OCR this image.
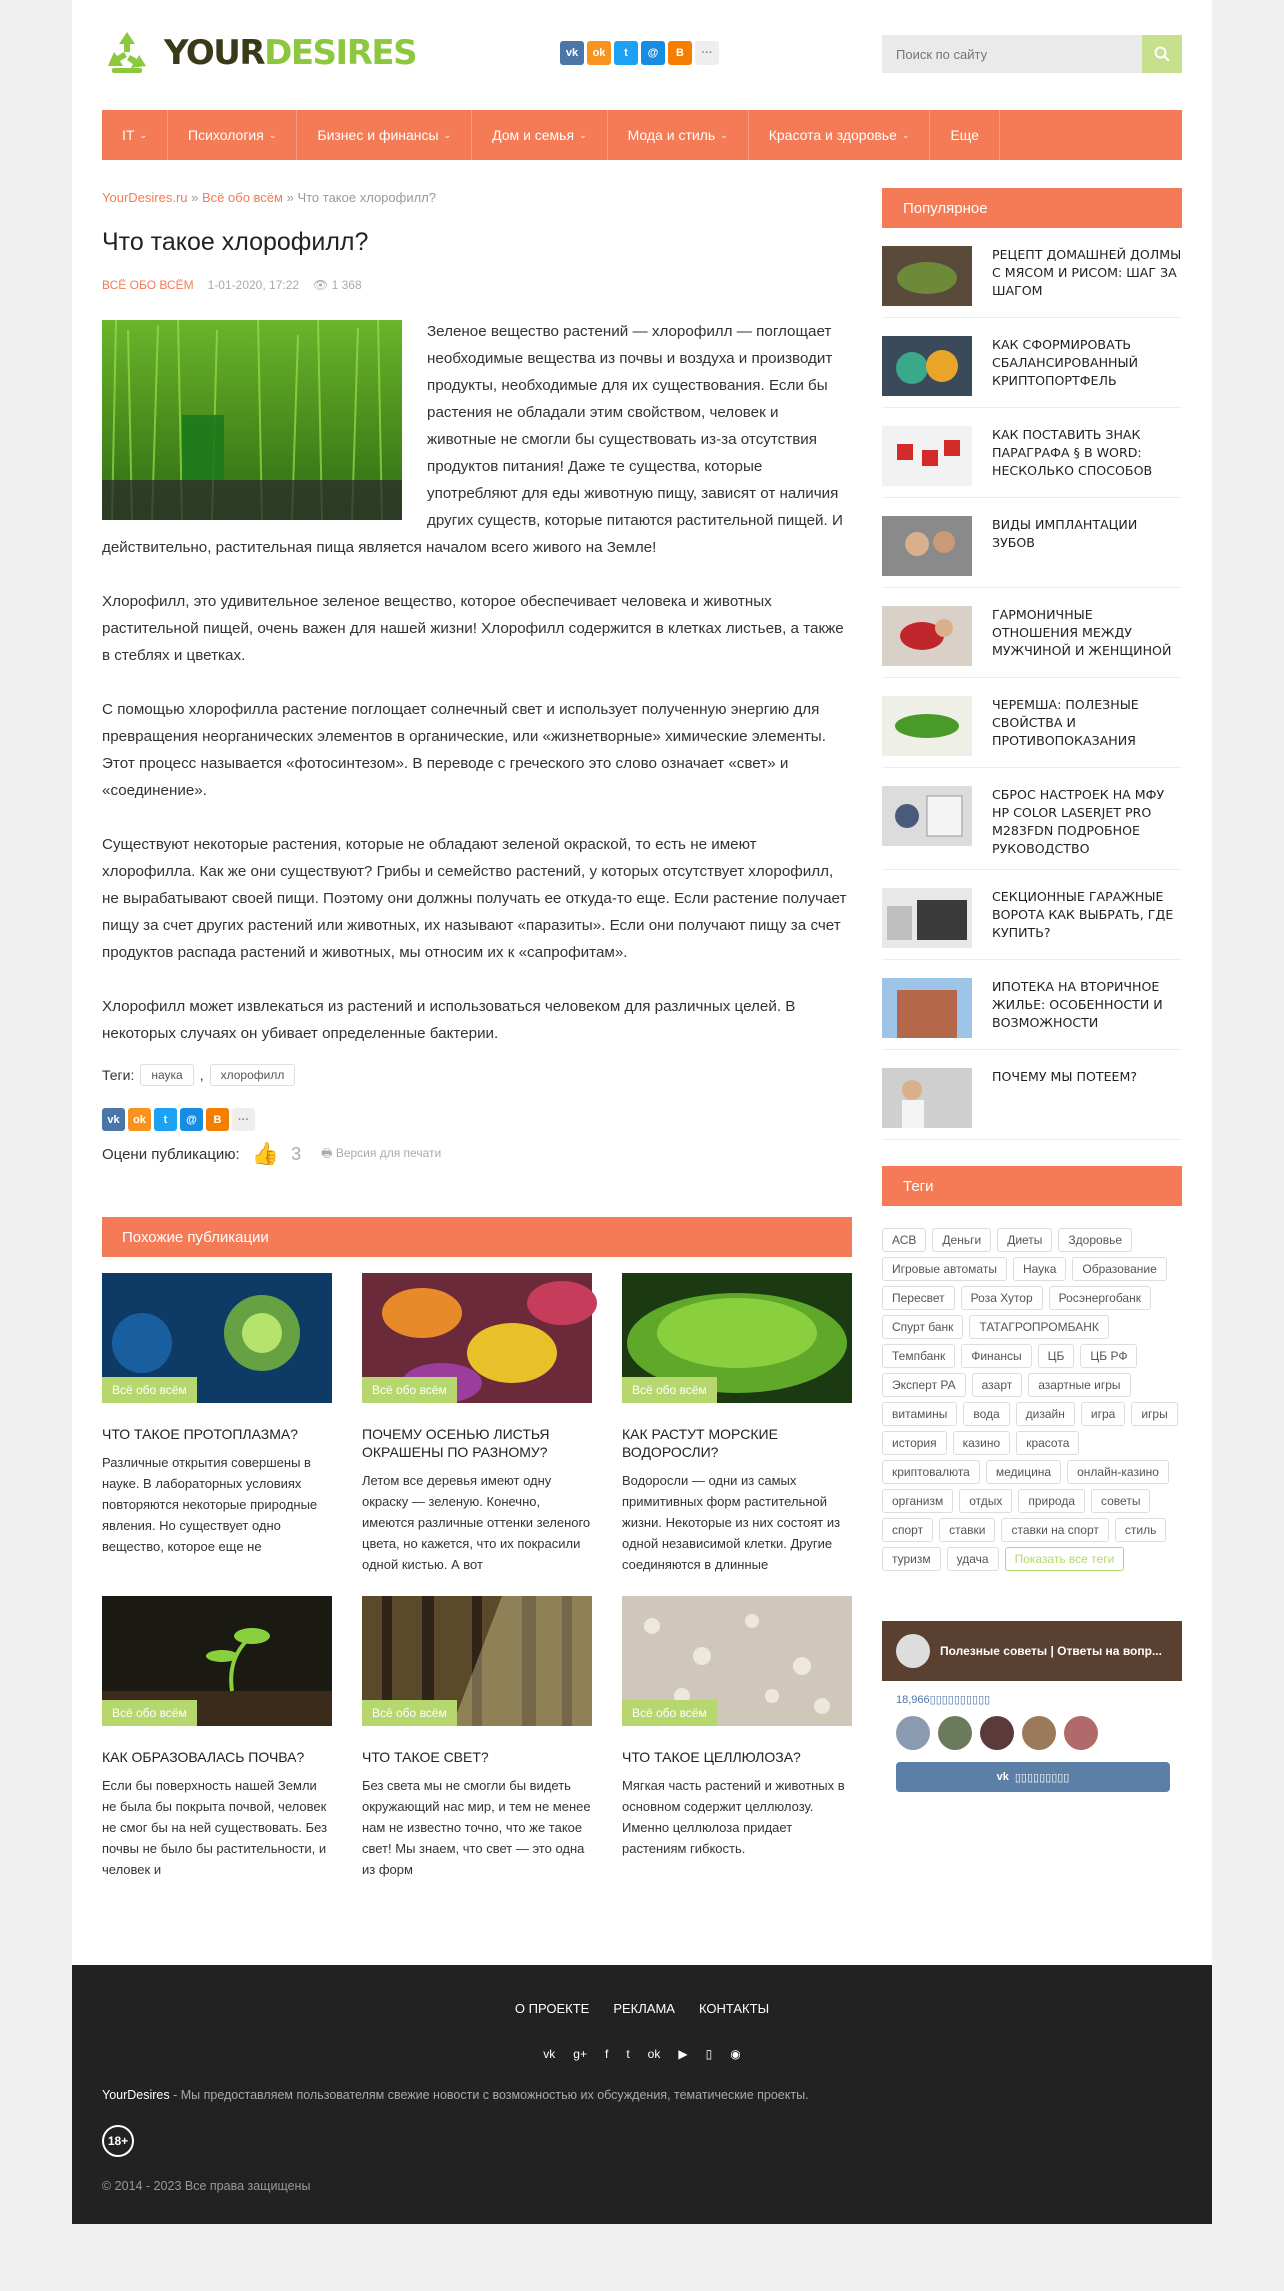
YOURDESIRES	vk	ok	t	@	B	···
Поиск по сайту
IT ⌄	Психология ⌄	Бизнес и финансы ⌄	Дом и семья ⌄	Мода и стиль ⌄	Красота и здоровье ⌄	Еще
YourDesires.ru » Всё обо всём » Что такое хлорофилл?
Что такое хлорофилл?
ВСЁ ОБО ВСЁМ 1-01-2020, 17:22 👁 1 368

Зеленое вещество растений — хлорофилл — поглощает необходимые вещества из почвы и воздуха и производит продукты, необходимые для их существования. Если бы растения не обладали этим свойством, человек и животные не смогли бы существовать из-за отсутствия продуктов питания! Даже те существа, которые употребляют для еды животную пищу, зависят от наличия других существ, которые питаются растительной пищей. И действительно, растительная пища является началом всего живого на Земле!

Хлорофилл, это удивительное зеленое вещество, которое обеспечивает человека и животных растительной пищей, очень важен для нашей жизни! Хлорофилл содержится в клетках листьев, а также в стеблях и цветках.

С помощью хлорофилла растение поглощает солнечный свет и использует полученную энергию для превращения неорганических элементов в органические, или «жизнетворные» химические элементы. Этот процесс называется «фотосинтезом». В переводе с греческого это слово означает «свет» и «соединение».

Существуют некоторые растения, которые не обладают зеленой окраской, то есть не имеют хлорофилла. Как же они существуют? Грибы и семейство растений, у которых отсутствует хлорофилл, не вырабатывают своей пищи. Поэтому они должны получать ее откуда-то еще. Если растение получает пищу за счет других растений или животных, их называют «паразиты». Если они получают пищу за счет продуктов распада растений и животных, мы относим их к «сапрофитам».

Хлорофилл может извлекаться из растений и использоваться человеком для различных целей. В некоторых случаях он убивает определенные бактерии.

Теги:	наука	,	хлорофилл
vk	ok	t	@	B	···
Оцени публикацию: 👍 3 🖶 Версия для печати
Похожие публикации
Всё обо всём
ЧТО ТАКОЕ ПРОТОПЛАЗМА?
Различные открытия совершены в науке. В лабораторных условиях повторяются некоторые природные явления. Но существует одно вещество, которое еще не
Всё обо всём
ПОЧЕМУ ОСЕНЬЮ ЛИСТЬЯ ОКРАШЕНЫ ПО РАЗНОМУ?
Летом все деревья имеют одну окраску — зеленую. Конечно, имеются различные оттенки зеленого цвета, но кажется, что их покрасили одной кистью. А вот
Всё обо всём
КАК РАСТУТ МОРСКИЕ ВОДОРОСЛИ?
Водоросли — одни из самых примитивных форм растительной жизни. Некоторые из них состоят из одной независимой клетки. Другие соединяются в длинные
Всё обо всём
КАК ОБРАЗОВАЛАСЬ ПОЧВА?
Если бы поверхность нашей Земли не была бы покрыта почвой, человек не смог бы на ней существовать. Без почвы не было бы растительности, и человек и
Всё обо всём
ЧТО ТАКОЕ СВЕТ?
Без света мы не смогли бы видеть окружающий нас мир, и тем не менее нам не известно точно, что же такое свет! Мы знаем, что свет — это одна из форм
Всё обо всём
ЧТО ТАКОЕ ЦЕЛЛЮЛОЗА?
Мягкая часть растений и животных в основном содержит целлюлозу. Именно целлюлоза придает растениям гибкость.
Популярное
РЕЦЕПТ ДОМАШНЕЙ ДОЛМЫ С МЯСОМ И РИСОМ: ШАГ ЗА ШАГОМ
КАК СФОРМИРОВАТЬ СБАЛАНСИРОВАННЫЙ КРИПТОПОРТФЕЛЬ
КАК ПОСТАВИТЬ ЗНАК ПАРАГРАФА § В WORD: НЕСКОЛЬКО СПОСОБОВ
ВИДЫ ИМПЛАНТАЦИИ ЗУБОВ
ГАРМОНИЧНЫЕ ОТНОШЕНИЯ МЕЖДУ МУЖЧИНОЙ И ЖЕНЩИНОЙ
ЧЕРЕМША: ПОЛЕЗНЫЕ СВОЙСТВА И ПРОТИВОПОКАЗАНИЯ
СБРОС НАСТРОЕК НА МФУ HP COLOR LASERJET PRO M283FDN ПОДРОБНОЕ РУКОВОДСТВО
СЕКЦИОННЫЕ ГАРАЖНЫЕ ВОРОТА КАК ВЫБРАТЬ, ГДЕ КУПИТЬ?
ИПОТЕКА НА ВТОРИЧНОЕ ЖИЛЬЕ: ОСОБЕННОСТИ И ВОЗМОЖНОСТИ
ПОЧЕМУ МЫ ПОТЕЕМ?
Теги
АСВ	Деньги	Диеты	Здоровье
Игровые автоматы	Наука	Образование
Пересвет	Роза Хутор	Росэнергобанк
Спурт банк	ТАТАГРОПРОМБАНК
Темпбанк	Финансы	ЦБ	ЦБ РФ
Эксперт РА	азарт	азартные игры
витамины	вода	дизайн	игра	игры
история	казино	красота
криптовалюта	медицина	онлайн-казино
организм	отдых	природа	советы
спорт	ставки	ставки на спорт	стиль
туризм	удача	Показать все теги
Полезные советы | Ответы на вопр...
18,966▯▯▯▯▯▯▯▯▯▯
vk ▯▯▯▯▯▯▯▯▯
О ПРОЕКТЕ РЕКЛАМА КОНТАКТЫ
vk g+ f t ok ▶ ▯ ◉
YourDesires - Мы предоставляем пользователям свежие новости с возможностью их обсуждения, тематические проекты.
18+
© 2014 - 2023 Все права защищены
